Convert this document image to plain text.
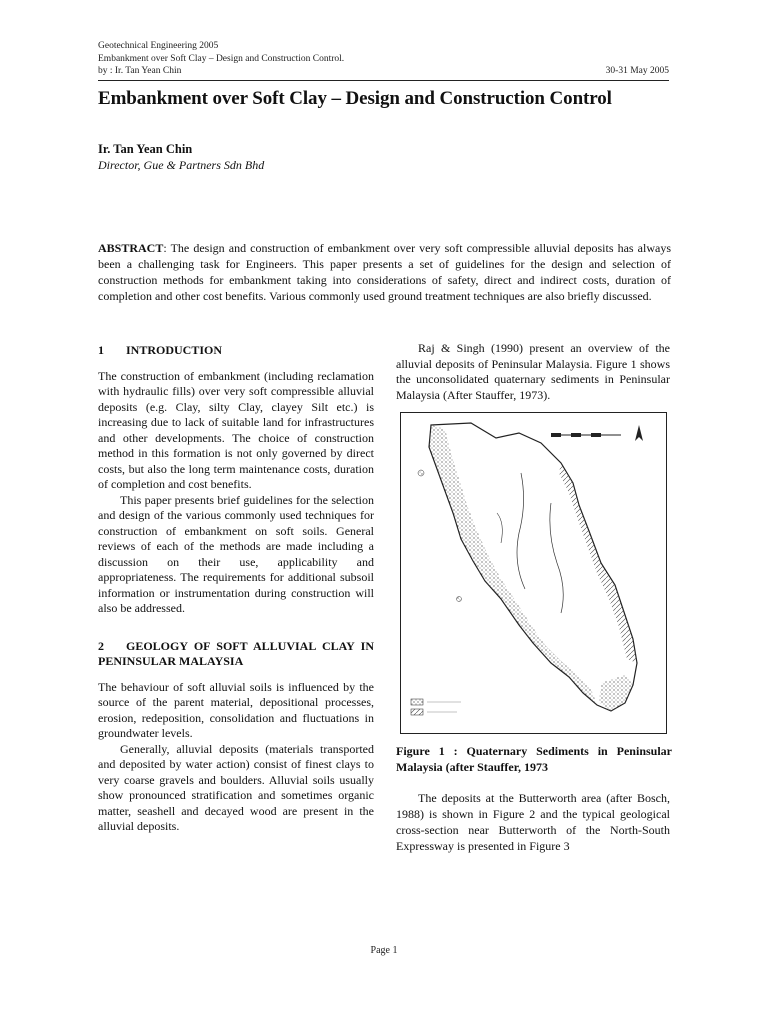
Geotechnical Engineering 2005
Embankment over Soft Clay – Design and Construction Control.
by : Ir. Tan Yean Chin	30-31 May 2005
Embankment over Soft Clay – Design and Construction Control
Ir. Tan Yean Chin
Director, Gue & Partners Sdn Bhd
ABSTRACT: The design and construction of embankment over very soft compressible alluvial deposits has always been a challenging task for Engineers. This paper presents a set of guidelines for the design and selection of construction methods for embankment taking into considerations of safety, direct and indirect costs, duration of completion and other cost benefits. Various commonly used ground treatment techniques are also briefly discussed.
1 INTRODUCTION
The construction of embankment (including reclamation with hydraulic fills) over very soft compressible alluvial deposits (e.g. Clay, silty Clay, clayey Silt etc.) is increasing due to lack of suitable land for infrastructures and other developments. The choice of construction method in this formation is not only governed by direct costs, but also the long term maintenance costs, duration of completion and cost benefits.
This paper presents brief guidelines for the selection and design of the various commonly used techniques for construction of embankment on soft soils. General reviews of each of the methods are made including a discussion on their use, applicability and appropriateness. The requirements for additional subsoil information or instrumentation during construction will also be addressed.
2 GEOLOGY OF SOFT ALLUVIAL CLAY IN PENINSULAR MALAYSIA
The behaviour of soft alluvial soils is influenced by the source of the parent material, depositional processes, erosion, redeposition, consolidation and fluctuations in groundwater levels.
Generally, alluvial deposits (materials transported and deposited by water action) consist of finest clays to very coarse gravels and boulders. Alluvial soils usually show pronounced stratification and sometimes organic matter, seashell and decayed wood are present in the alluvial deposits.
Raj & Singh (1990) present an overview of the alluvial deposits of Peninsular Malaysia. Figure 1 shows the unconsolidated quaternary sediments in Peninsular Malaysia (After Stauffer, 1973).
Figure 1 : Quaternary Sediments in Peninsular Malaysia (after Stauffer, 1973
The deposits at the Butterworth area (after Bosch, 1988) is shown in Figure 2 and the typical geological cross-section near Butterworth of the North-South Expressway is presented in Figure 3
Page 1
